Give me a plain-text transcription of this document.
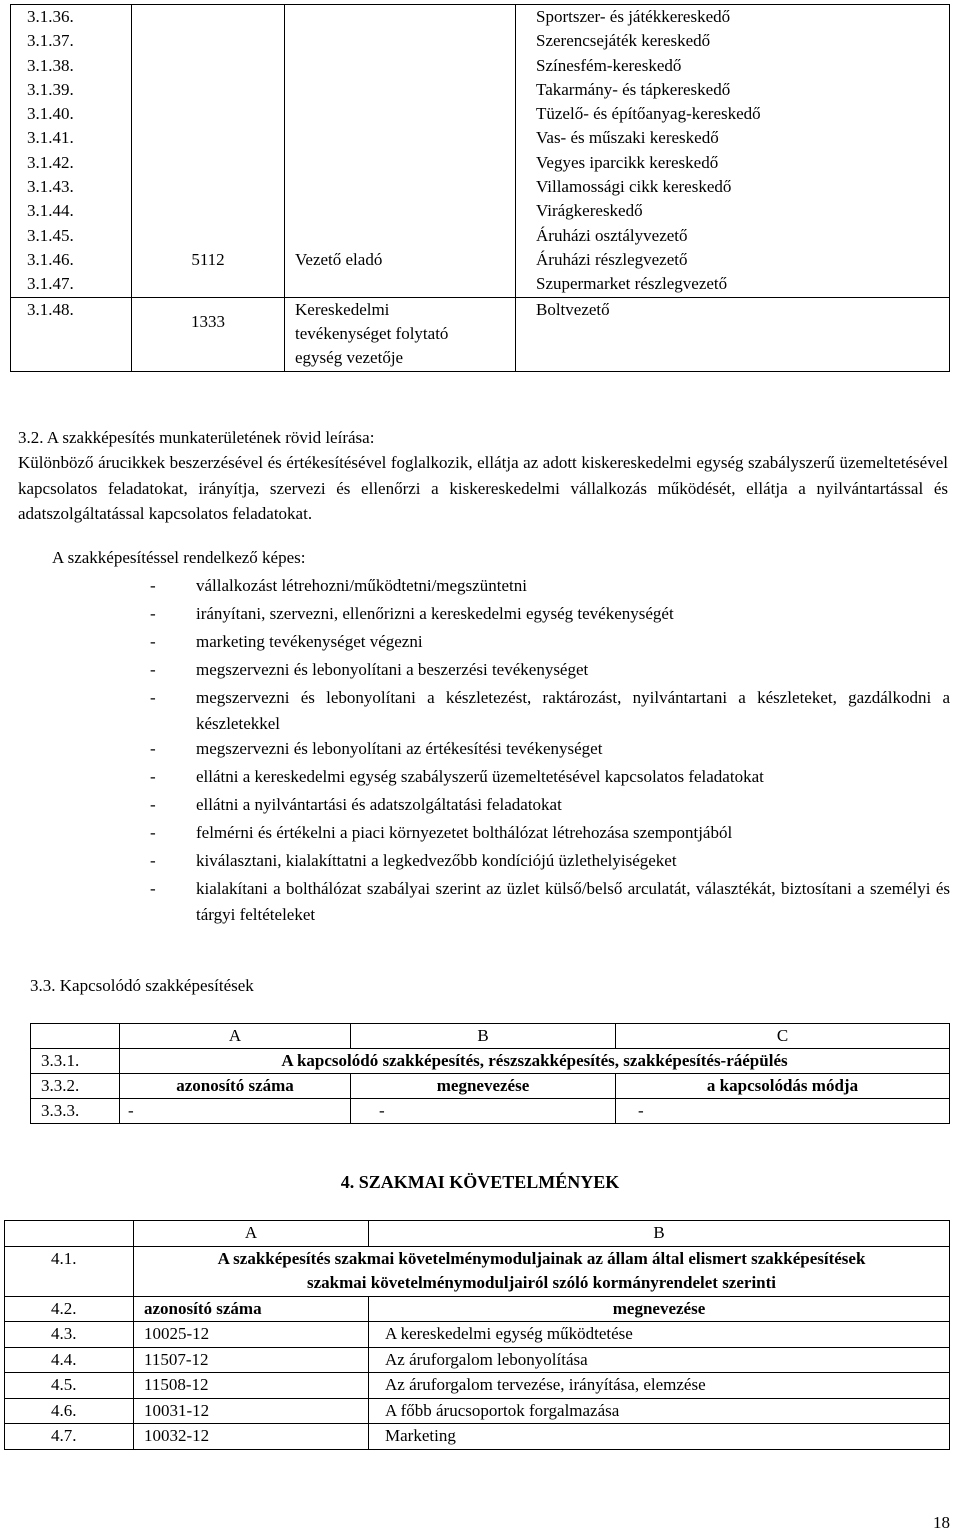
3.1.36.			Sportszer- és játékkereskedő
3.1.37.			Szerencsejáték kereskedő
3.1.38.			Színesfém-kereskedő
3.1.39.			Takarmány- és tápkereskedő
3.1.40.			Tüzelő- és építőanyag-kereskedő
3.1.41.			Vas- és műszaki kereskedő
3.1.42.			Vegyes iparcikk kereskedő
3.1.43.			Villamossági cikk kereskedő
3.1.44.			Virágkereskedő
3.1.45.			Áruházi osztályvezető
3.1.46.	5112	Vezető eladó	Áruházi részlegvezető
3.1.47.			Szupermarket részlegvezető
3.1.48.	1333	Kereskedelmi
tevékenységet folytató
egység vezetője	Boltvezető
3.2. A szakképesítés munkaterületének rövid leírása:
Különböző árucikkek beszerzésével és értékesítésével foglalkozik, ellátja az adott kiskereskedelmi egység szabályszerű üzemeltetésével kapcsolatos feladatokat, irányítja, szervezi és ellenőrzi a kiskereskedelmi vállalkozás működését, ellátja a nyilvántartással és adatszolgáltatással kapcsolatos feladatokat.
A szakképesítéssel rendelkező képes:
- vállalkozást létrehozni/működtetni/megszüntetni
- irányítani, szervezni, ellenőrizni a kereskedelmi egység tevékenységét
- marketing tevékenységet végezni
- megszervezni és lebonyolítani a beszerzési tevékenységet
- megszervezni és lebonyolítani a készletezést, raktározást, nyilvántartani a készleteket, gazdálkodni a készletekkel
- megszervezni és lebonyolítani az értékesítési tevékenységet
- ellátni a kereskedelmi egység szabályszerű üzemeltetésével kapcsolatos feladatokat
- ellátni a nyilvántartási és adatszolgáltatási feladatokat
- felmérni és értékelni a piaci környezetet bolthálózat létrehozása szempontjából
- kiválasztani, kialakíttatni a legkedvezőbb kondíciójú üzlethelyiségeket
- kialakítani a bolthálózat szabályai szerint az üzlet külső/belső arculatát, választékát, biztosítani a személyi és tárgyi feltételeket
3.3. Kapcsolódó szakképesítések
	A	B	C
3.3.1.	A kapcsolódó szakképesítés, részszakképesítés, szakképesítés-ráépülés		
3.3.2.	azonosító száma	megnevezése	a kapcsolódás módja
3.3.3.	-	-	-
4. SZAKMAI KÖVETELMÉNYEK
	A	B
4.1.	A szakképesítés szakmai követelménymoduljainak az állam által elismert szakképesítések
szakmai követelménymoduljairól szóló kormányrendelet szerinti	

4.2.	azonosító száma	megnevezése
4.3.	10025-12	A kereskedelmi egység működtetése
4.4.	11507-12	Az áruforgalom lebonyolítása
4.5.	11508-12	Az áruforgalom tervezése, irányítása, elemzése
4.6.	10031-12	A főbb árucsoportok forgalmazása
4.7.	10032-12	Marketing
18
